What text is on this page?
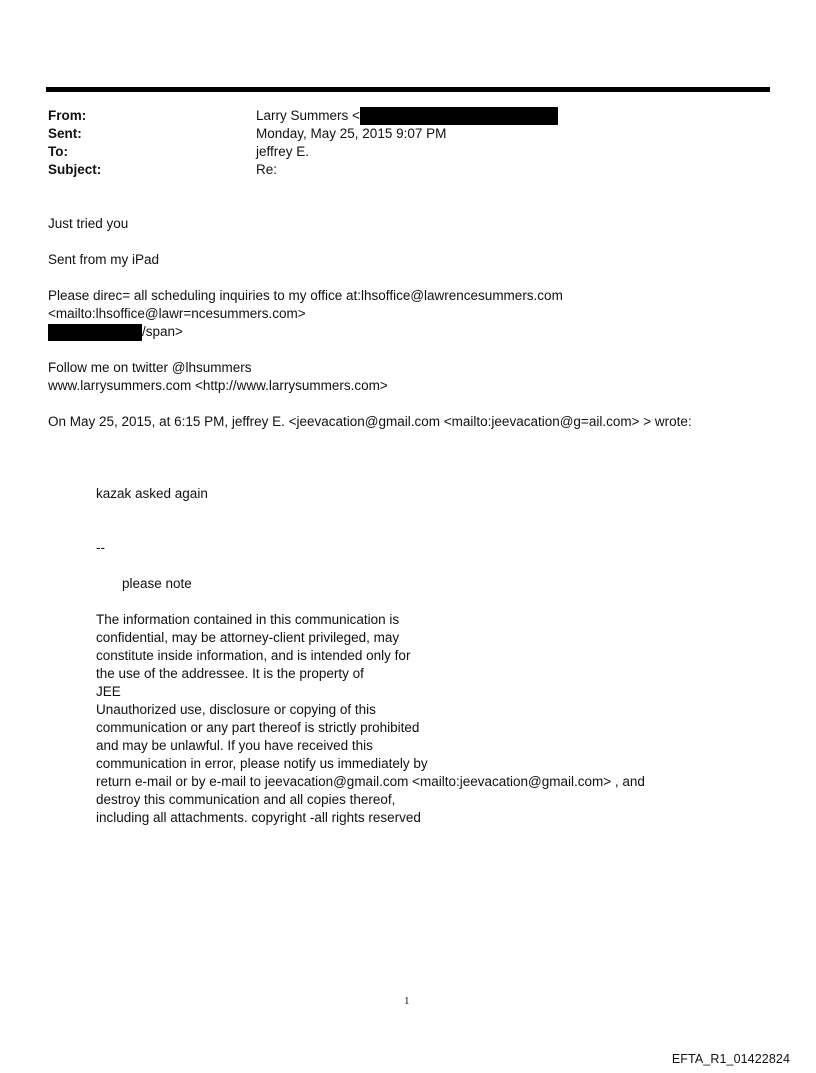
From:	Larry Summers <
Sent:	Monday, May 25, 2015 9:07 PM
To:	jeffrey E.
Subject:	Re:
Just tried you
Sent from my iPad
Please direc= all scheduling inquiries to my office at:lhsoffice@lawrencesummers.com
<mailto:lhsoffice@lawr=ncesummers.com>
/span>
Follow me on twitter @lhsummers
www.larrysummers.com <http://www.larrysummers.com>
On May 25, 2015, at 6:15 PM, jeffrey E. <jeevacation@gmail.com <mailto:jeevacation@g=ail.com> > wrote:
kazak asked again
--
please note
The information contained in this communication is
confidential, may be attorney-client privileged, may
constitute inside information, and is intended only for
the use of the addressee. It is the property of
JEE
Unauthorized use, disclosure or copying of this
communication or any part thereof is strictly prohibited
and may be unlawful. If you have received this
communication in error, please notify us immediately by
return e-mail or by e-mail to jeevacation@gmail.com <mailto:jeevacation@gmail.com> , and
destroy this communication and all copies thereof,
including all attachments. copyright -all rights reserved
1
EFTA_R1_01422824
